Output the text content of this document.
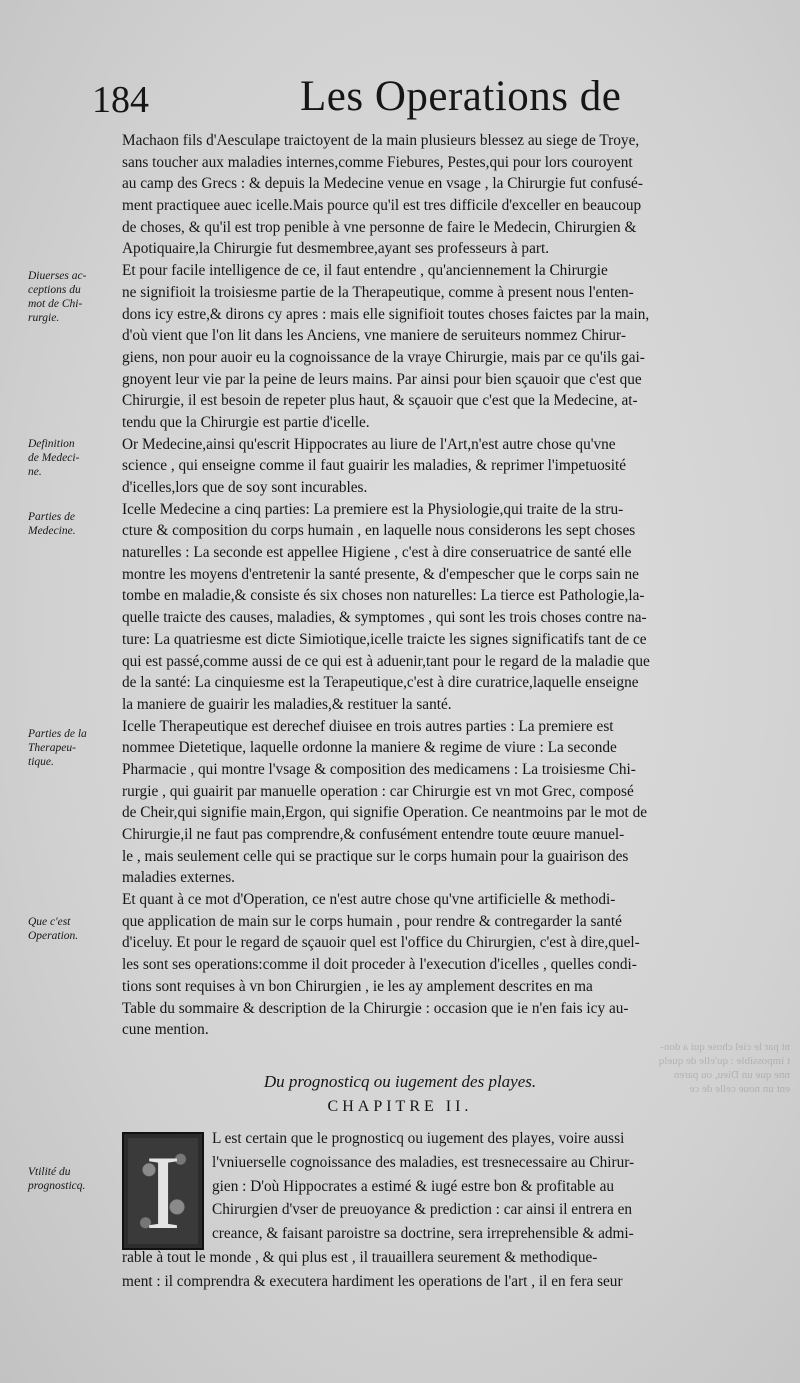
nt par le ciel chose qui a don-
t impossible : qu'elle de quelq
nne que un Dieu, ou paren
ent un noue celle de ce
184	Les Operations de
Machaon fils d'Aesculape traictoyent de la main plusieurs blessez au siege de Troye,
sans toucher aux maladies internes,comme Fiebures, Pestes,qui pour lors couroyent
au camp des Grecs : & depuis la Medecine venue en vsage , la Chirurgie fut confusé-
ment practiquee auec icelle.Mais pource qu'il est tres difficile d'exceller en beaucoup
de choses, & qu'il est trop penible à vne personne de faire le Medecin, Chirurgien &
Apotiquaire,la Chirurgie fut desmembree,ayant ses professeurs à part.
Et pour facile intelligence de ce, il faut entendre , qu'anciennement la Chirurgie
ne signifioit la troisiesme partie de la Therapeutique, comme à present nous l'enten-
dons icy estre,& dirons cy apres : mais elle signifioit toutes choses faictes par la main,
d'où vient que l'on lit dans les Anciens, vne maniere de seruiteurs nommez Chirur-
giens, non pour auoir eu la cognoissance de la vraye Chirurgie, mais par ce qu'ils gai-
gnoyent leur vie par la peine de leurs mains. Par ainsi pour bien sçauoir que c'est que
Chirurgie, il est besoin de repeter plus haut, & sçauoir que c'est que la Medecine, at-
tendu que la Chirurgie est partie d'icelle.
Or Medecine,ainsi qu'escrit Hippocrates au liure de l'Art,n'est autre chose qu'vne
science , qui enseigne comme il faut guairir les maladies, & reprimer l'impetuosité
d'icelles,lors que de soy sont incurables.
Icelle Medecine a cinq parties: La premiere est la Physiologie,qui traite de la stru-
cture & composition du corps humain , en laquelle nous considerons les sept choses
naturelles : La seconde est appellee Higiene , c'est à dire conseruatrice de santé elle
montre les moyens d'entretenir la santé presente, & d'empescher que le corps sain ne
tombe en maladie,& consiste és six choses non naturelles: La tierce est Pathologie,la-
quelle traicte des causes, maladies, & symptomes , qui sont les trois choses contre na-
ture: La quatriesme est dicte Simiotique,icelle traicte les signes significatifs tant de ce
qui est passé,comme aussi de ce qui est à aduenir,tant pour le regard de la maladie que
de la santé: La cinquiesme est la Terapeutique,c'est à dire curatrice,laquelle enseigne
la maniere de guairir les maladies,& restituer la santé.
Icelle Therapeutique est derechef diuisee en trois autres parties : La premiere est
nommee Dietetique, laquelle ordonne la maniere & regime de viure : La seconde
Pharmacie , qui montre l'vsage & composition des medicamens : La troisiesme Chi-
rurgie , qui guairit par manuelle operation : car Chirurgie est vn mot Grec, composé
de Cheir,qui signifie main,Ergon, qui signifie Operation. Ce neantmoins par le mot de
Chirurgie,il ne faut pas comprendre,& confusément entendre toute œuure manuel-
le , mais seulement celle qui se practique sur le corps humain pour la guairison des
maladies externes.
Et quant à ce mot d'Operation, ce n'est autre chose qu'vne artificielle & methodi-
que application de main sur le corps humain , pour rendre & contregarder la santé
d'iceluy. Et pour le regard de sçauoir quel est l'office du Chirurgien, c'est à dire,quel-
les sont ses operations:comme il doit proceder à l'execution d'icelles , quelles condi-
tions sont requises à vn bon Chirurgien , ie les ay amplement descrites en ma
Table du sommaire & description de la Chirurgie : occasion que ie n'en fais icy au-
cune mention.
Diuerses ac-
ceptions du
mot de Chi-
rurgie.
Definition
de Medeci-
ne.
Parties de
Medecine.
Parties de la
Therapeu-
tique.
Que c'est
Operation.
Vtilité du
prognosticq.
Du prognosticq ou iugement des playes.
CHAPITRE II.
I	L est certain que le prognosticq ou iugement des playes, voire aussi
l'vniuerselle cognoissance des maladies, est tresnecessaire au Chirur-
gien : D'où Hippocrates a estimé & iugé estre bon & profitable au
Chirurgien d'vser de preuoyance & prediction : car ainsi il entrera en
creance, & faisant paroistre sa doctrine, sera irreprehensible & admi-
rable à tout le monde , & qui plus est , il trauaillera seurement & methodique-
ment : il comprendra & executera hardiment les operations de l'art , il en fera seur
